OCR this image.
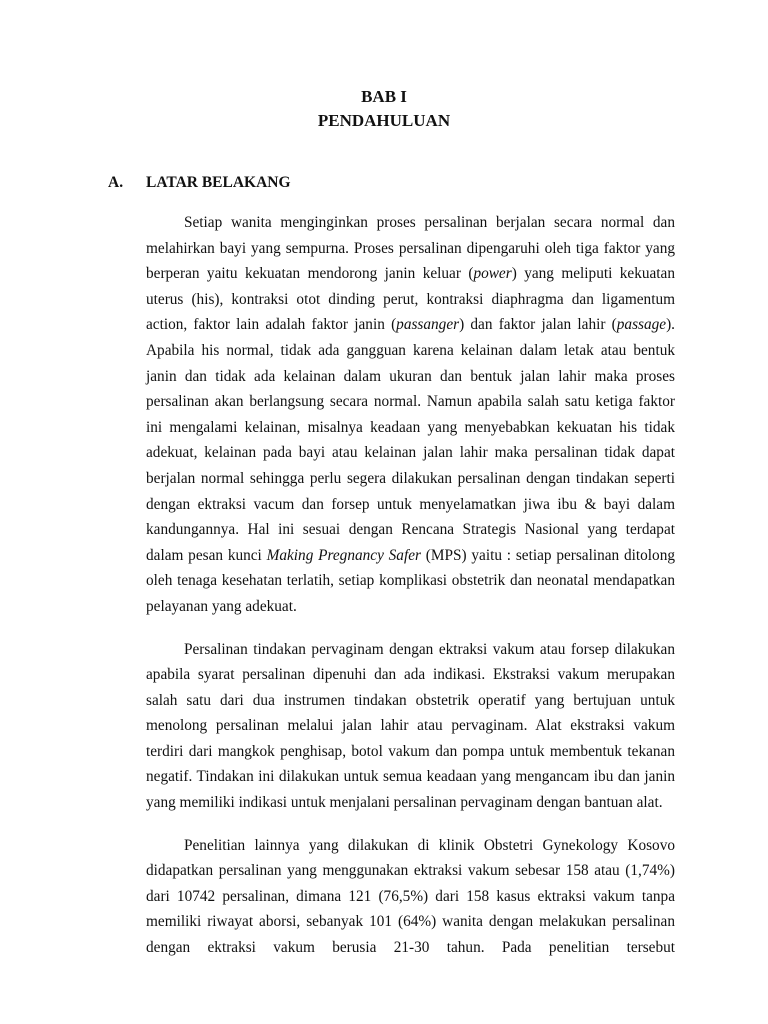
BAB I
PENDAHULUAN
A. LATAR BELAKANG
Setiap wanita menginginkan proses persalinan berjalan secara normal dan
melahirkan bayi yang sempurna. Proses persalinan dipengaruhi oleh tiga faktor yang
berperan yaitu kekuatan mendorong janin keluar (power) yang meliputi kekuatan
uterus (his), kontraksi otot dinding perut, kontraksi diaphragma dan ligamentum
action, faktor lain adalah faktor janin (passanger) dan faktor jalan lahir (passage).
Apabila his normal, tidak ada gangguan karena kelainan dalam letak atau bentuk
janin dan tidak ada kelainan dalam ukuran dan bentuk jalan lahir maka proses
persalinan akan berlangsung secara normal. Namun apabila salah satu ketiga faktor
ini mengalami kelainan, misalnya keadaan yang menyebabkan kekuatan his tidak
adekuat, kelainan pada bayi atau kelainan jalan lahir maka persalinan tidak dapat
berjalan normal sehingga perlu segera dilakukan persalinan dengan tindakan seperti
dengan ektraksi vacum dan forsep untuk menyelamatkan jiwa ibu & bayi dalam
kandungannya. Hal ini sesuai dengan Rencana Strategis Nasional yang terdapat
dalam pesan kunci Making Pregnancy Safer (MPS) yaitu : setiap persalinan ditolong
oleh tenaga kesehatan terlatih, setiap komplikasi obstetrik dan neonatal mendapatkan
pelayanan yang adekuat.
Persalinan tindakan pervaginam dengan ektraksi vakum atau forsep dilakukan
apabila syarat persalinan dipenuhi dan ada indikasi. Ekstraksi vakum merupakan
salah satu dari dua instrumen tindakan obstetrik operatif yang bertujuan untuk
menolong persalinan melalui jalan lahir atau pervaginam. Alat ekstraksi vakum
terdiri dari mangkok penghisap, botol vakum dan pompa untuk membentuk tekanan
negatif. Tindakan ini dilakukan untuk semua keadaan yang mengancam ibu dan janin
yang memiliki indikasi untuk menjalani persalinan pervaginam dengan bantuan alat.
Penelitian lainnya yang dilakukan di klinik Obstetri Gynekology Kosovo
didapatkan persalinan yang menggunakan ektraksi vakum sebesar 158 atau (1,74%)
dari 10742 persalinan, dimana 121 (76,5%) dari 158 kasus ektraksi vakum tanpa
memiliki riwayat aborsi, sebanyak 101 (64%) wanita dengan melakukan persalinan
dengan ektraksi vakum berusia 21-30 tahun. Pada penelitian tersebut
